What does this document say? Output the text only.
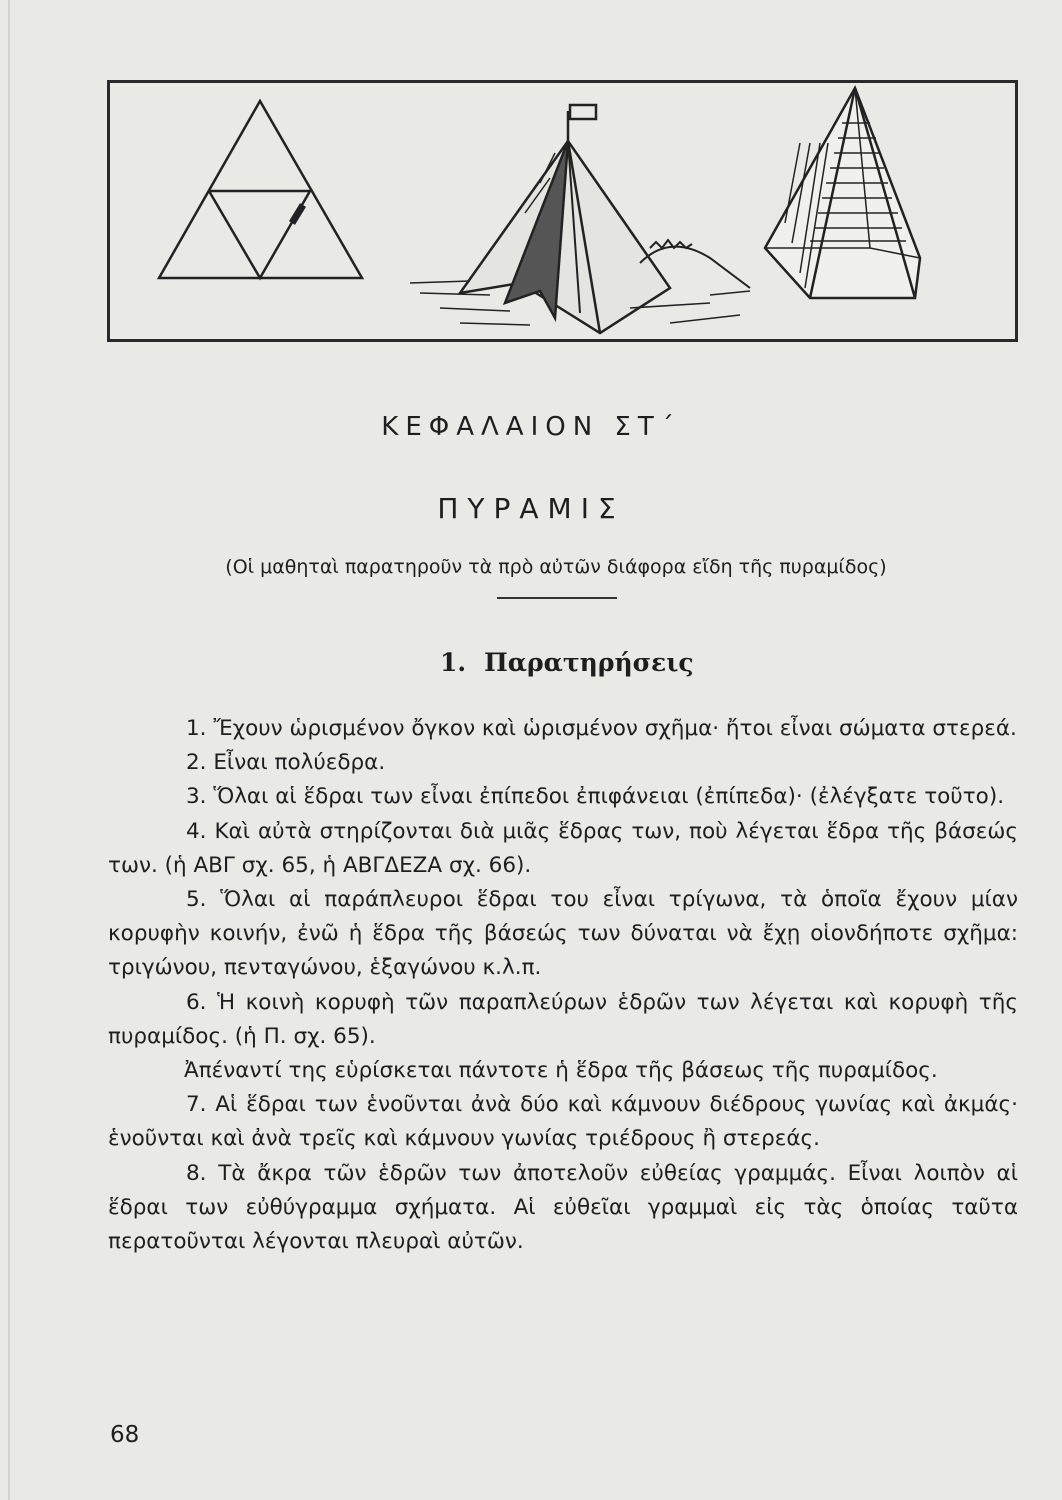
ΚΕΦΑΛΑΙΟΝ ΣΤ΄
ΠΥΡΑΜΙΣ
(Οἱ μαθηταὶ παρατηροῦν τὰ πρὸ αὐτῶν διάφορα εἴδη τῆς πυραμίδος)
1. Παρατηρήσεις

1. Ἔχουν ὡρισμένον ὄγκον καὶ ὡρισμένον σχῆμα· ἤτοι εἶναι σώματα στερεά.

2. Εἶναι πολύεδρα.

3. Ὅλαι αἱ ἕδραι των εἶναι ἐπίπεδοι ἐπιφάνειαι (ἐπίπεδα)· (ἐλέγξατε τοῦτο).

4. Καὶ αὐτὰ στηρίζονται διὰ μιᾶς ἕδρας των, ποὺ λέγεται ἕδρα τῆς βάσεώς των. (ἡ ΑΒΓ σχ. 65, ἡ ΑΒΓΔΕΖΑ σχ. 66).

5. Ὅλαι αἱ παράπλευροι ἕδραι του εἶναι τρίγωνα, τὰ ὁποῖα ἔχουν μίαν κορυφὴν κοινήν, ἐνῶ ἡ ἕδρα τῆς βάσεώς των δύναται νὰ ἔχῃ οἱονδήποτε σχῆμα: τριγώνου, πενταγώνου, ἑξαγώνου κ.λ.π.

6. Ἡ κοινὴ κορυφὴ τῶν παραπλεύρων ἑδρῶν των λέγεται καὶ κορυφὴ τῆς πυραμίδος. (ἡ Π. σχ. 65).

Ἀπέναντί της εὑρίσκεται πάντοτε ἡ ἕδρα τῆς βάσεως τῆς πυραμίδος.

7. Αἱ ἕδραι των ἑνοῦνται ἀνὰ δύο καὶ κάμνουν διέδρους γωνίας καὶ ἀκμάς· ἑνοῦνται καὶ ἀνὰ τρεῖς καὶ κάμνουν γωνίας τριέδρους ἢ στερεάς.

8. Τὰ ἄκρα τῶν ἑδρῶν των ἀποτελοῦν εὐθείας γραμμάς. Εἶναι λοιπὸν αἱ ἕδραι των εὐθύγραμμα σχήματα. Αἱ εὐθεῖαι γραμμαὶ εἰς τὰς ὁποίας ταῦτα περατοῦνται λέγονται πλευραὶ αὐτῶν.

68
